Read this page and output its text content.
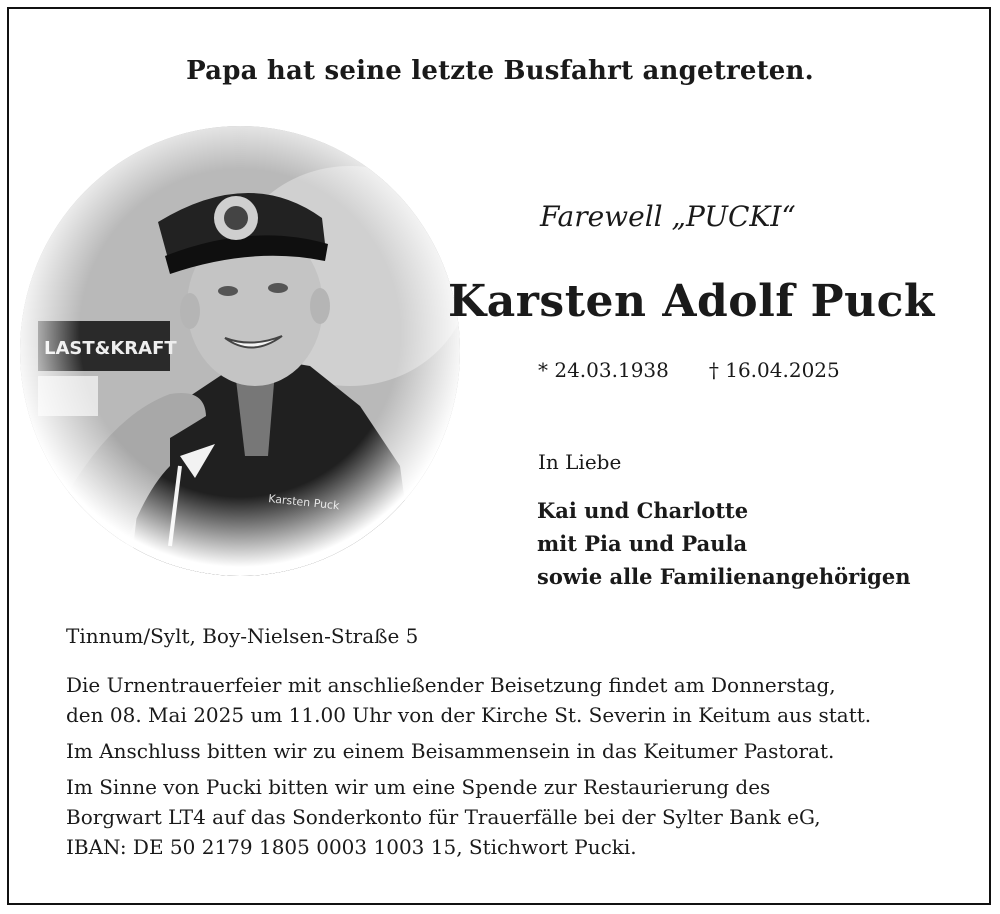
Papa hat seine letzte Busfahrt angetreten.
Farewell „PUCKI“
Karsten Adolf Puck
* 24.03.1938 † 16.04.2025
In Liebe
Kai und Charlotte
mit Pia und Paula
sowie alle Familienangehörigen
Tinnum/Sylt, Boy-Nielsen-Straße 5

Die Urnentrauerfeier mit anschließender Beisetzung findet am Donnerstag,
den 08. Mai 2025 um 11.00 Uhr von der Kirche St. Severin in Keitum aus statt.

Im Anschluss bitten wir zu einem Beisammensein in das Keitumer Pastorat.

Im Sinne von Pucki bitten wir um eine Spende zur Restaurierung des
Borgwart LT4 auf das Sonderkonto für Trauerfälle bei der Sylter Bank eG,
IBAN: DE 50 2179 1805 0003 1003 15, Stichwort Pucki.
